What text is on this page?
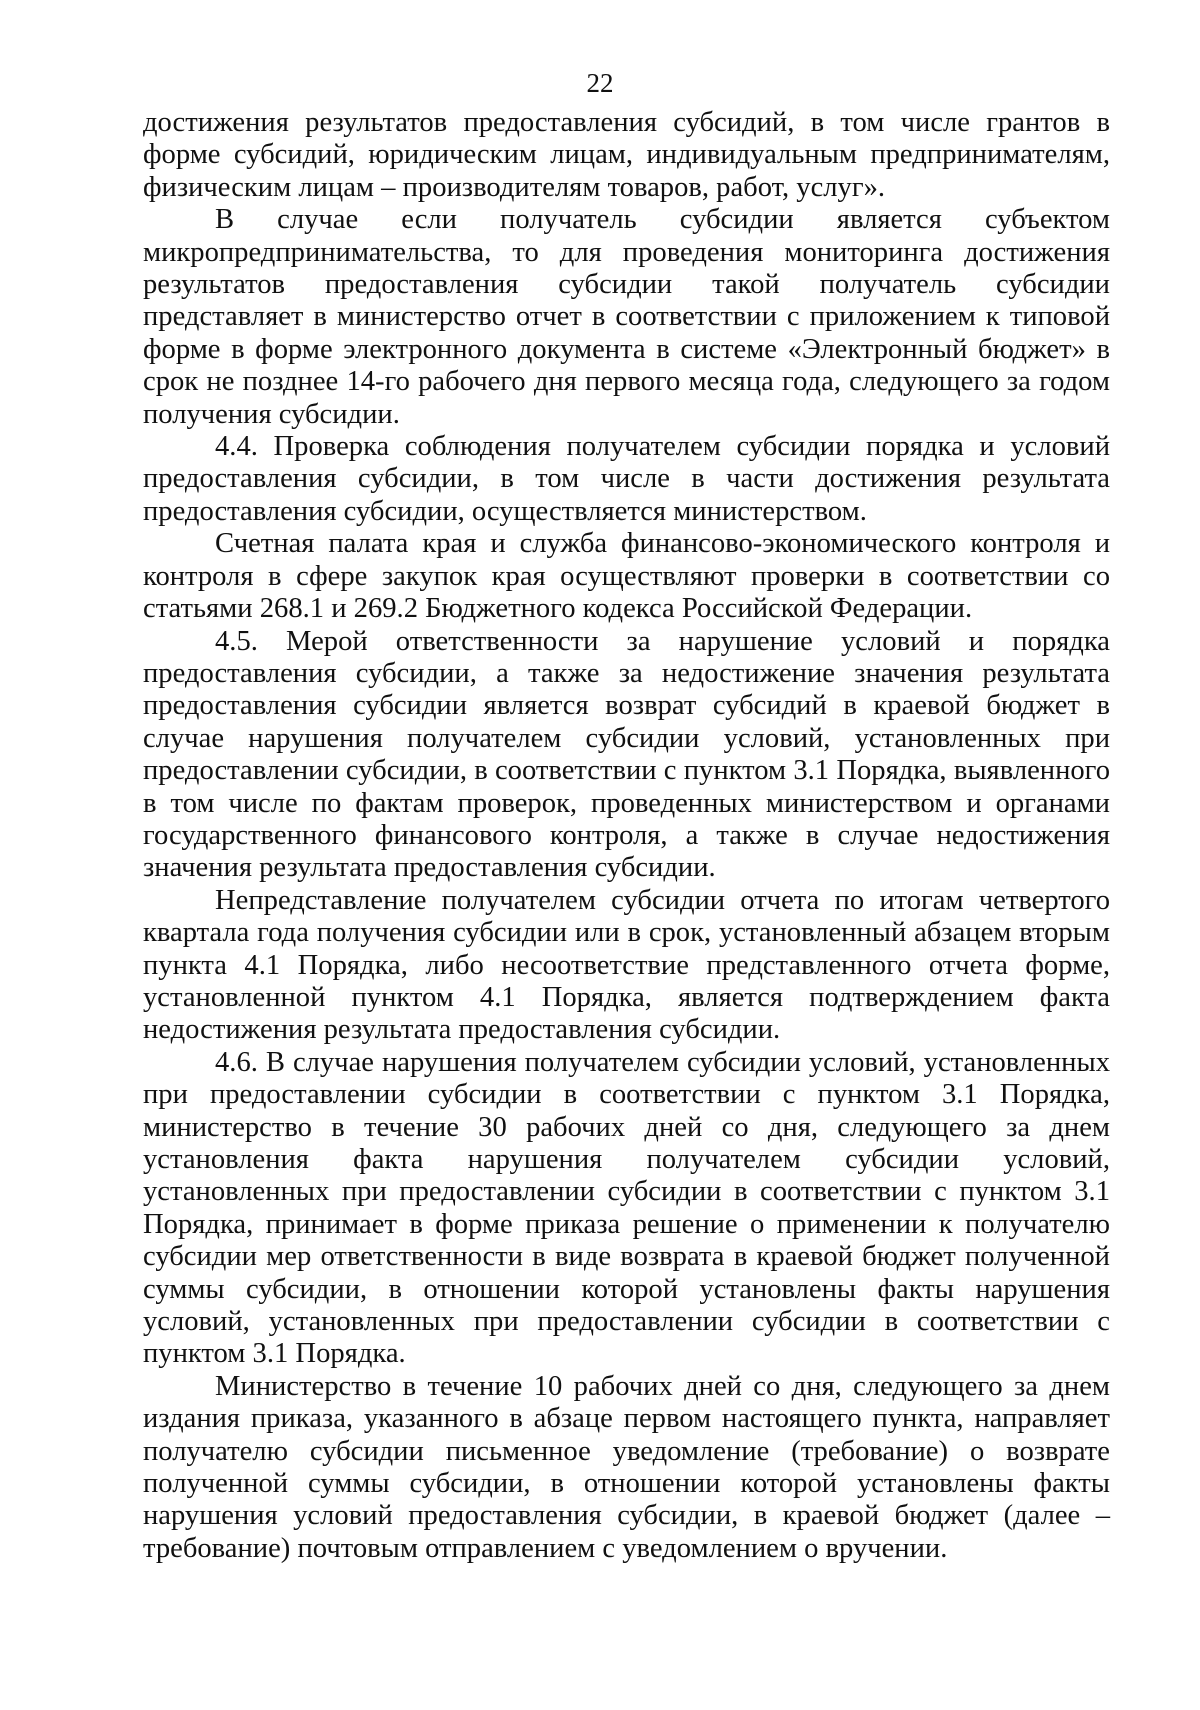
22

достижения результатов предоставления субсидий, в том числе грантов в форме субсидий, юридическим лицам, индивидуальным предпринимателям, физическим лицам – производителям товаров, работ, услуг».

В случае если получатель субсидии является субъектом микропредпринимательства, то для проведения мониторинга достижения результатов предоставления субсидии такой получатель субсидии представляет в министерство отчет в соответствии с приложением к типовой форме в форме электронного документа в системе «Электронный бюджет» в срок не позднее 14-го рабочего дня первого месяца года, следующего за годом получения субсидии.

4.4. Проверка соблюдения получателем субсидии порядка и условий предоставления субсидии, в том числе в части достижения результата предоставления субсидии, осуществляется министерством.

Счетная палата края и служба финансово-экономического контроля и контроля в сфере закупок края осуществляют проверки в соответствии со статьями 268.1 и 269.2 Бюджетного кодекса Российской Федерации.

4.5. Мерой ответственности за нарушение условий и порядка предоставления субсидии, а также за недостижение значения результата предоставления субсидии является возврат субсидий в краевой бюджет в случае нарушения получателем субсидии условий, установленных при предоставлении субсидии, в соответствии с пунктом 3.1 Порядка, выявленного в том числе по фактам проверок, проведенных министерством и органами государственного финансового контроля, а также в случае недостижения значения результата предоставления субсидии.

Непредставление получателем субсидии отчета по итогам четвертого квартала года получения субсидии или в срок, установленный абзацем вторым пункта 4.1 Порядка, либо несоответствие представленного отчета форме, установленной пунктом 4.1 Порядка, является подтверждением факта недостижения результата предоставления субсидии.

4.6. В случае нарушения получателем субсидии условий, установленных при предоставлении субсидии в соответствии с пунктом 3.1 Порядка, министерство в течение 30 рабочих дней со дня, следующего за днем установления факта нарушения получателем субсидии условий, установленных при предоставлении субсидии в соответствии с пунктом 3.1 Порядка, принимает в форме приказа решение о применении к получателю субсидии мер ответственности в виде возврата в краевой бюджет полученной суммы субсидии, в отношении которой установлены факты нарушения условий, установленных при предоставлении субсидии в соответствии с пунктом 3.1 Порядка.

Министерство в течение 10 рабочих дней со дня, следующего за днем издания приказа, указанного в абзаце первом настоящего пункта, направляет получателю субсидии письменное уведомление (требование) о возврате полученной суммы субсидии, в отношении которой установлены факты нарушения условий предоставления субсидии, в краевой бюджет (далее – требование) почтовым отправлением с уведомлением о вручении.
